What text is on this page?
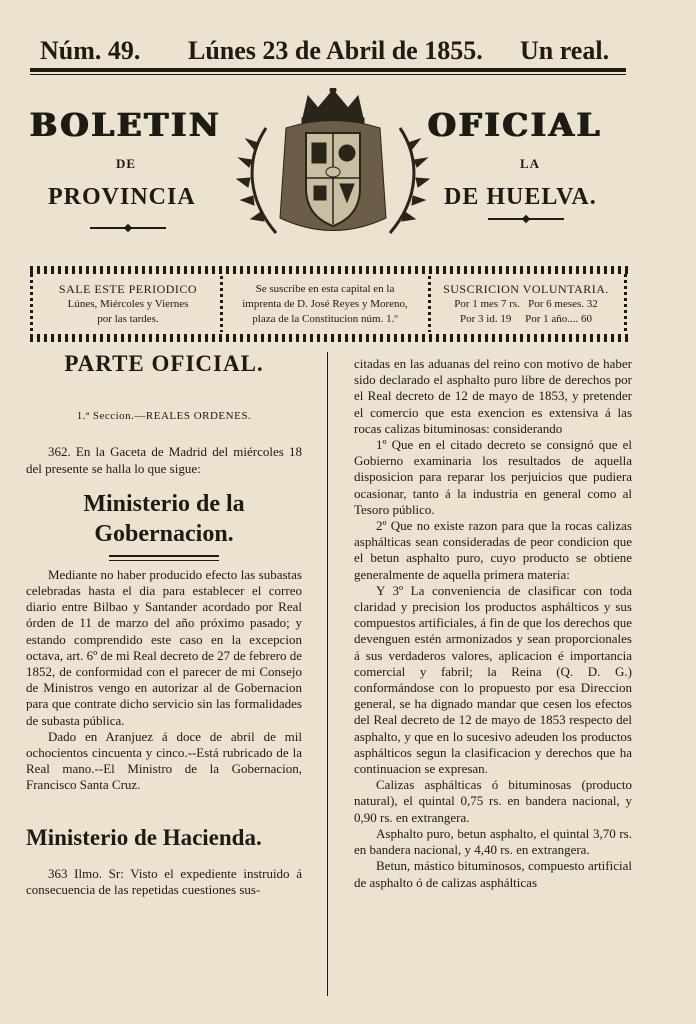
Núm. 49. Lúnes 23 de Abril de 1855. Un real.
BOLETIN	OFICIAL
DE	LA
PROVINCIA	DE HUELVA.
SALE ESTE PERIODICO
Lúnes, Miércoles y Viernes
por las tardes.
Se suscribe en esta capital en la
imprenta de D. José Reyes y Moreno,
plaza de la Constitucion núm. 1.º
SUSCRICION VOLUNTARIA.
Por 1 mes 7 rs.   Por 6 meses. 32
Por 3 id. 19     Por 1 año.... 60

PARTE OFICIAL.

1.ª Seccion.—REALES ORDENES.

362. En la Gaceta de Madrid del miércoles 18 del presente se halla lo que sigue:

Ministerio de la Gobernacion.

Mediante no haber producido efecto las subastas celebradas hasta el dia para establecer el correo diario entre Bilbao y Santander acordado por Real órden de 11 de marzo del año próximo pasado; y estando comprendido este caso en la excepcion octava, art. 6º de mi Real decreto de 27 de febrero de 1852, de conformidad con el parecer de mi Consejo de Ministros vengo en autorizar al de Gobernacion para que contrate dicho servicio sin las formalidades de subasta pública.

Dado en Aranjuez á doce de abril de mil ochocientos cincuenta y cinco.--Está rubricado de la Real mano.--El Ministro de la Gobernacion, Francisco Santa Cruz.

Ministerio de Hacienda.

363 Ilmo. Sr: Visto el expediente instruido á consecuencia de las repetidas cuestiones sus-

citadas en las aduanas del reino con motivo de haber sido declarado el asphalto puro libre de derechos por el Real decreto de 12 de mayo de 1853, y pretender el comercio que esta exencion es extensiva á las rocas calizas bituminosas: considerando

1º Que en el citado decreto se consignó que el Gobierno examinaria los resultados de aquella disposicion para reparar los perjuicios que pudiera ocasionar, tanto á la industria en general como al Tesoro público.

2º Que no existe razon para que la rocas calizas asphálticas sean consideradas de peor condicion que el betun asphalto puro, cuyo producto se obtiene generalmente de aquella primera materia:

Y 3º La conveniencia de clasificar con toda claridad y precision los productos asphálticos y sus compuestos artificiales, á fin de que los derechos que devenguen estén armonizados y sean proporcionales á sus verdaderos valores, aplicacion é importancia comercial y fabril; la Reina (Q. D. G.) conformándose con lo propuesto por esa Direccion general, se ha dignado mandar que cesen los efectos del Real decreto de 12 de mayo de 1853 respecto del asphalto, y que en lo sucesivo adeuden los productos asphálticos segun la clasificacion y derechos que ha continuacion se expresan.

Calizas asphálticas ó bituminosas (producto natural), el quintal 0,75 rs. en bandera nacional, y 0,90 rs. en extrangera.

Asphalto puro, betun asphalto, el quintal 3,70 rs. en bandera nacional, y 4,40 rs. en extrangera.

Betun, mástico bituminosos, compuesto artificial de asphalto ó de calizas asphálticas
